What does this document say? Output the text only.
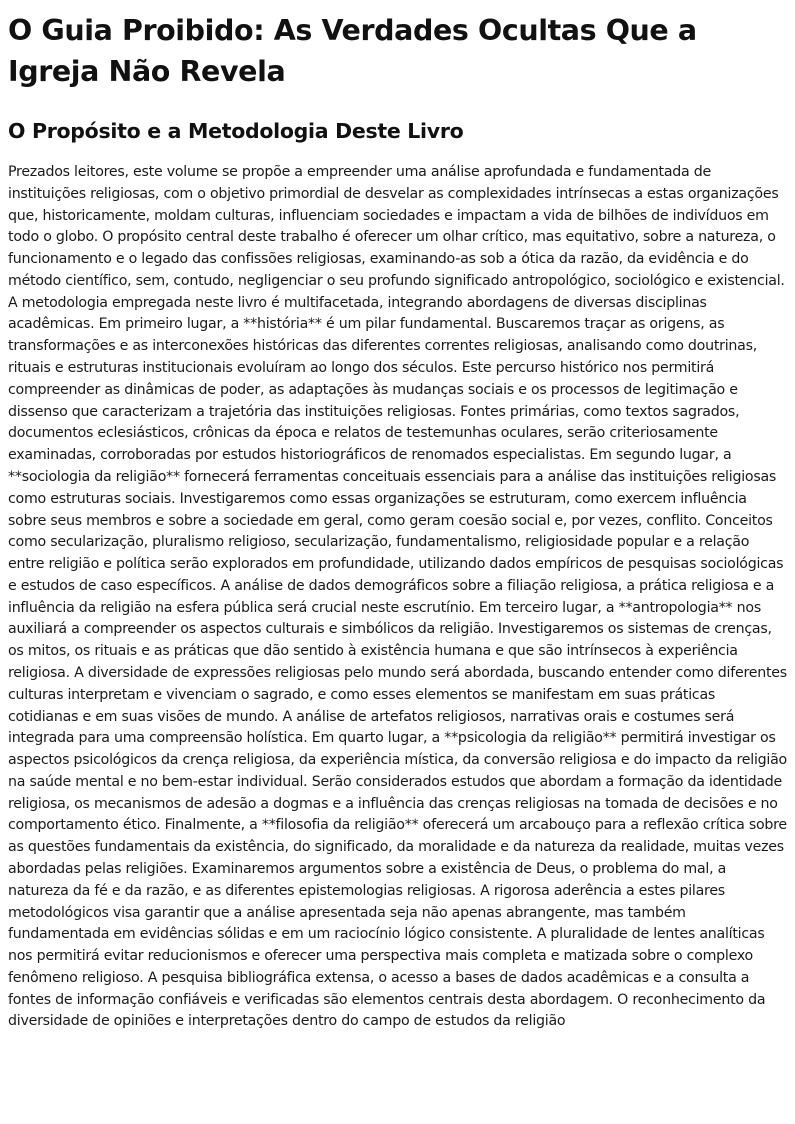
O Guia Proibido: As Verdades Ocultas Que a Igreja Não Revela
O Propósito e a Metodologia Deste Livro

Prezados leitores, este volume se propõe a empreender uma análise aprofundada e fundamentada de instituições religiosas, com o objetivo primordial de desvelar as complexidades intrínsecas a estas organizações que, historicamente, moldam culturas, influenciam sociedades e impactam a vida de bilhões de indivíduos em todo o globo. O propósito central deste trabalho é oferecer um olhar crítico, mas equitativo, sobre a natureza, o funcionamento e o legado das confissões religiosas, examinando-as sob a ótica da razão, da evidência e do método científico, sem, contudo, negligenciar o seu profundo significado antropológico, sociológico e existencial. A metodologia empregada neste livro é multifacetada, integrando abordagens de diversas disciplinas acadêmicas. Em primeiro lugar, a **história** é um pilar fundamental. Buscaremos traçar as origens, as transformações e as interconexões históricas das diferentes correntes religiosas, analisando como doutrinas, rituais e estruturas institucionais evoluíram ao longo dos séculos. Este percurso histórico nos permitirá compreender as dinâmicas de poder, as adaptações às mudanças sociais e os processos de legitimação e dissenso que caracterizam a trajetória das instituições religiosas. Fontes primárias, como textos sagrados, documentos eclesiásticos, crônicas da época e relatos de testemunhas oculares, serão criteriosamente examinadas, corroboradas por estudos historiográficos de renomados especialistas. Em segundo lugar, a **sociologia da religião** fornecerá ferramentas conceituais essenciais para a análise das instituições religiosas como estruturas sociais. Investigaremos como essas organizações se estruturam, como exercem influência sobre seus membros e sobre a sociedade em geral, como geram coesão social e, por vezes, conflito. Conceitos como secularização, pluralismo religioso, secularização, fundamentalismo, religiosidade popular e a relação entre religião e política serão explorados em profundidade, utilizando dados empíricos de pesquisas sociológicas e estudos de caso específicos. A análise de dados demográficos sobre a filiação religiosa, a prática religiosa e a influência da religião na esfera pública será crucial neste escrutínio. Em terceiro lugar, a **antropologia** nos auxiliará a compreender os aspectos culturais e simbólicos da religião. Investigaremos os sistemas de crenças, os mitos, os rituais e as práticas que dão sentido à existência humana e que são intrínsecos à experiência religiosa. A diversidade de expressões religiosas pelo mundo será abordada, buscando entender como diferentes culturas interpretam e vivenciam o sagrado, e como esses elementos se manifestam em suas práticas cotidianas e em suas visões de mundo. A análise de artefatos religiosos, narrativas orais e costumes será integrada para uma compreensão holística. Em quarto lugar, a **psicologia da religião** permitirá investigar os aspectos psicológicos da crença religiosa, da experiência mística, da conversão religiosa e do impacto da religião na saúde mental e no bem-estar individual. Serão considerados estudos que abordam a formação da identidade religiosa, os mecanismos de adesão a dogmas e a influência das crenças religiosas na tomada de decisões e no comportamento ético. Finalmente, a **filosofia da religião** oferecerá um arcabouço para a reflexão crítica sobre as questões fundamentais da existência, do significado, da moralidade e da natureza da realidade, muitas vezes abordadas pelas religiões. Examinaremos argumentos sobre a existência de Deus, o problema do mal, a natureza da fé e da razão, e as diferentes epistemologias religiosas. A rigorosa aderência a estes pilares metodológicos visa garantir que a análise apresentada seja não apenas abrangente, mas também fundamentada em evidências sólidas e em um raciocínio lógico consistente. A pluralidade de lentes analíticas nos permitirá evitar reducionismos e oferecer uma perspectiva mais completa e matizada sobre o complexo fenômeno religioso. A pesquisa bibliográfica extensa, o acesso a bases de dados acadêmicas e a consulta a fontes de informação confiáveis e verificadas são elementos centrais desta abordagem. O reconhecimento da diversidade de opiniões e interpretações dentro do campo de estudos da religião
